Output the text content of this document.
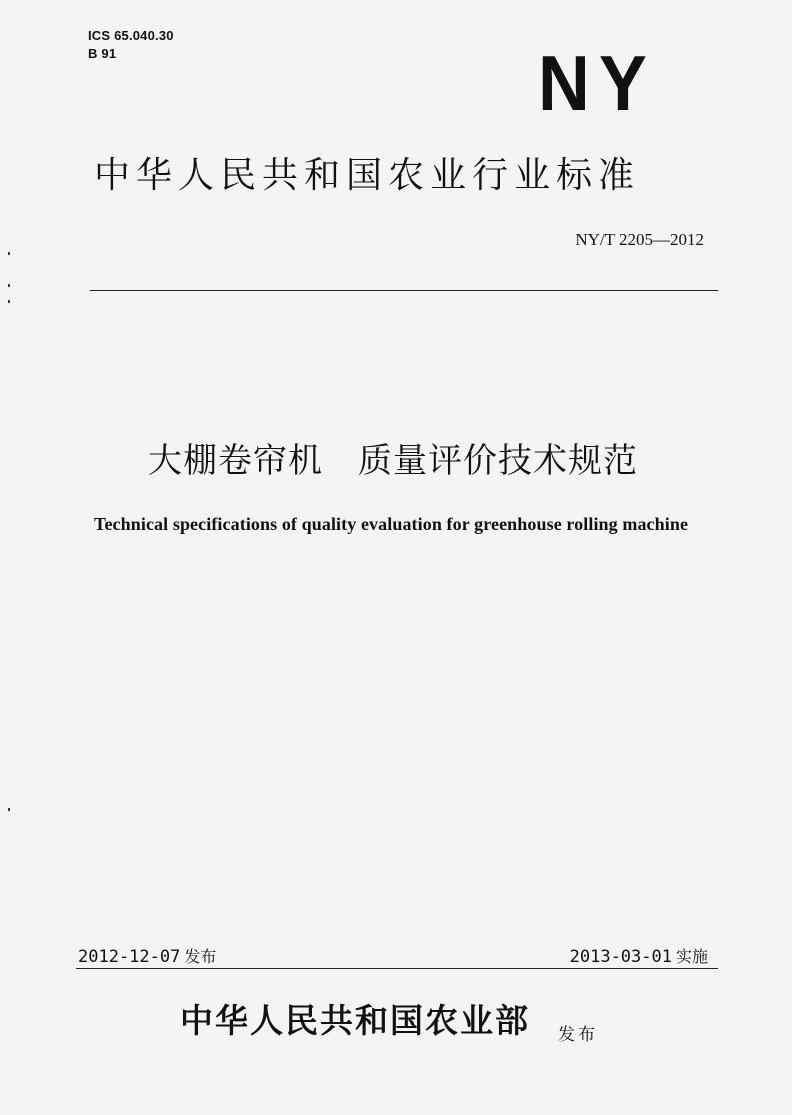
ICS 65.040.30
B 91	NY
中华人民共和国农业行业标准
NY/T 2205—2012
大棚卷帘机　质量评价技术规范
Technical specifications of quality evaluation for greenhouse rolling machine
2012-12-07 发布	2013-03-01 实施
中华人民共和国农业部 发布
